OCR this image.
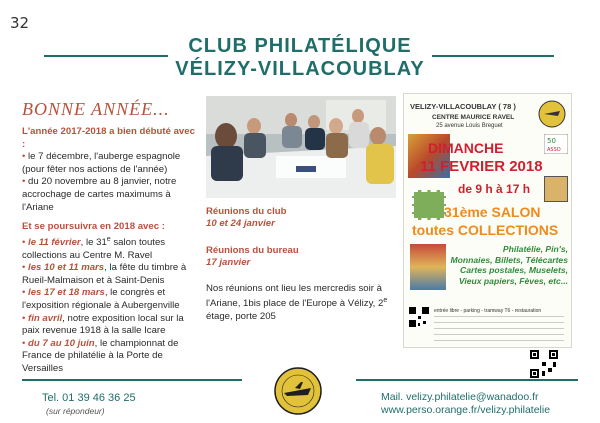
32
CLUB PHILATÉLIQUE
VÉLIZY-VILLACOUBLAY
BONNE ANNÉE...

L'année 2017-2018 a bien débuté avec :

• le 7 décembre, l'auberge espagnole (pour fêter nos actions de l'année)

• du 20 novembre au 8 janvier, notre accrochage de cartes maximums à l'Ariane

Et se poursuivra en 2018 avec :

• le 11 février, le 31e salon toutes collections au Centre M. Ravel

• les 10 et 11 mars, la fête du timbre à Rueil-Malmaison et à Saint-Denis

• les 17 et 18 mars, le congrès et l'exposition régionale à Aubergenville

• fin avril, notre exposition local sur la paix revenue 1918 à la salle Icare

• du 7 au 10 juin, le championnat de France de philatélie à la Porte de Versailles

Réunions du club
10 et 24 janvier
Réunions du bureau
17 janvier
Nos réunions ont lieu les mercredis soir à l'Ariane, 1bis place de l'Europe à Vélizy, 2e étage, porte 205
VELIZY-VILLACOUBLAY ( 78 )
CENTRE MAURICE RAVEL
25 avenue Louis Breguet
50
ASSO
DIMANCHE
11 FEVRIER 2018
de 9 h à 17 h
31ème SALON
toutes COLLECTIONS
Philatélie, Pin's,
Monnaies, Billets, Télécartes
Cartes postales, Muselets,
Vieux papiers, Fèves, etc...
entrée libre - parking - tramway T6 - restauration
Tel. 01 39 46 36 25
(sur répondeur)
Mail. velizy.philatelie@wanadoo.fr
www.perso.orange.fr/velizy.philatelie
